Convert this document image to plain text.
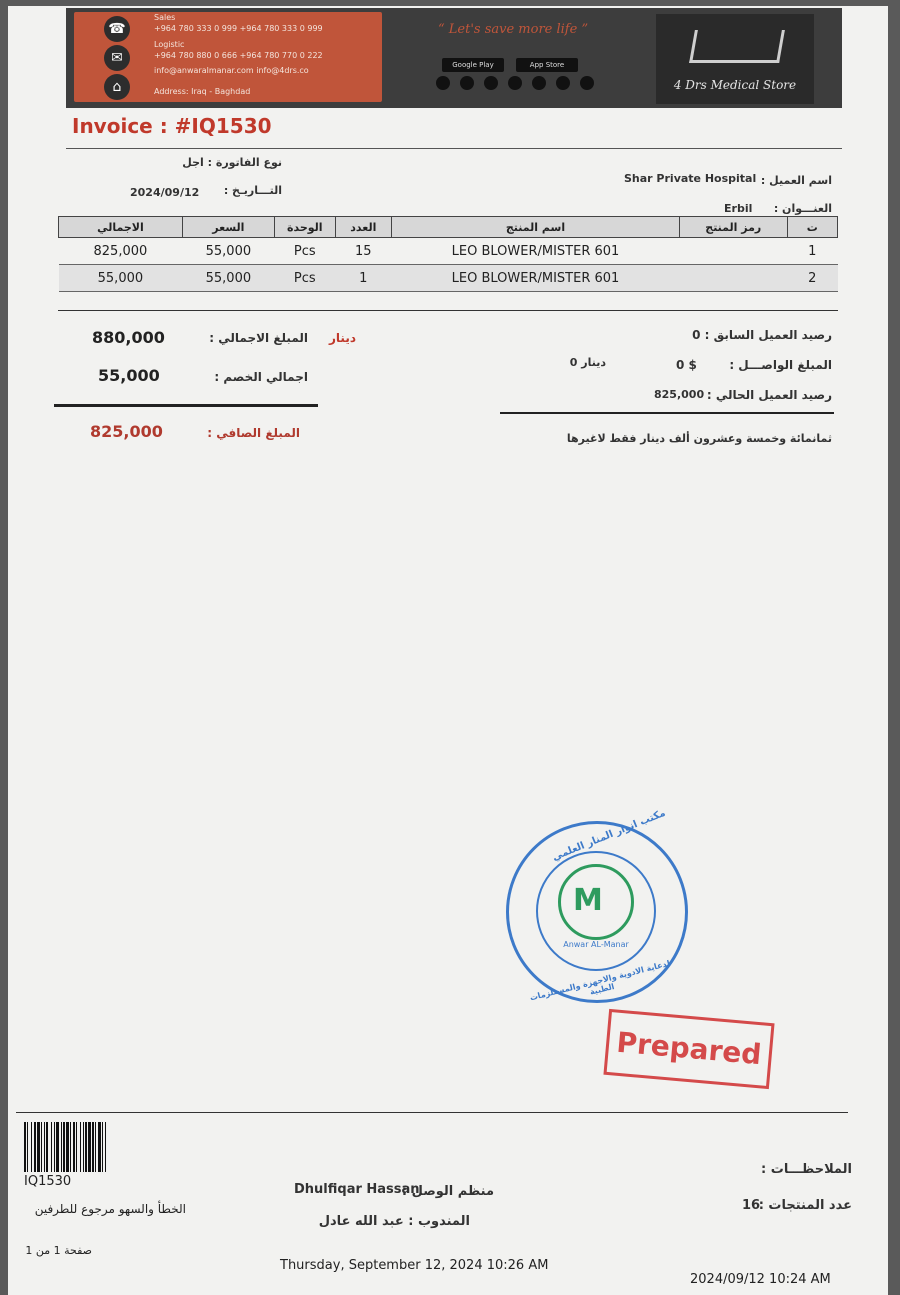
☎
✉
⌂
Sales
+964 780 333 0 999 +964 780 333 0 999
Logistic
+964 780 880 0 666 +964 780 770 0 222
info@anwaralmanar.com info@4drs.co
Address: Iraq - Baghdad
“ Let's save more life ”
Google Play	App Store
4 Drs Medical Store
Invoice : #IQ1530
نوع الفاتورة : اجل
التـــاريـخ :
2024/09/12
اسم العميل :
Shar Private Hospital
العنـــوان :
Erbil
الاجمالي	السعر	الوحدة	العدد	اسم المنتج	رمز المنتج	ت
825,000	55,000	Pcs	15	LEO BLOWER/MISTER 601		1
55,000	55,000	Pcs	1	LEO BLOWER/MISTER 601		2
880,000	المبلغ الاجمالي : دينار
55,000	اجمالي الخصم :
825,000	المبلغ الصافي :
رصيد العميل السابق : 0
المبلغ الواصـــل :
0 $
دينار 0
رصيد العميل الحالي :
825,000
ثمانمائة وخمسة وعشرون ألف دينار فقط لاغيرها
مكتب انوار المنار العلمي
M
Anwar AL-Manar
لدعاية الادوية والاجهزة والمستلزمات الطبية
Prepared
IQ1530
الخطأ والسهو مرجوع للطرفين
صفحة 1 من 1
منظم الوصل :
Dhulfiqar Hassan
المندوب : عبد الله عادل
الملاحظـــات :
عدد المنتجات :
16
Thursday, September 12, 2024 10:26 AM
2024/09/12 10:24 AM
